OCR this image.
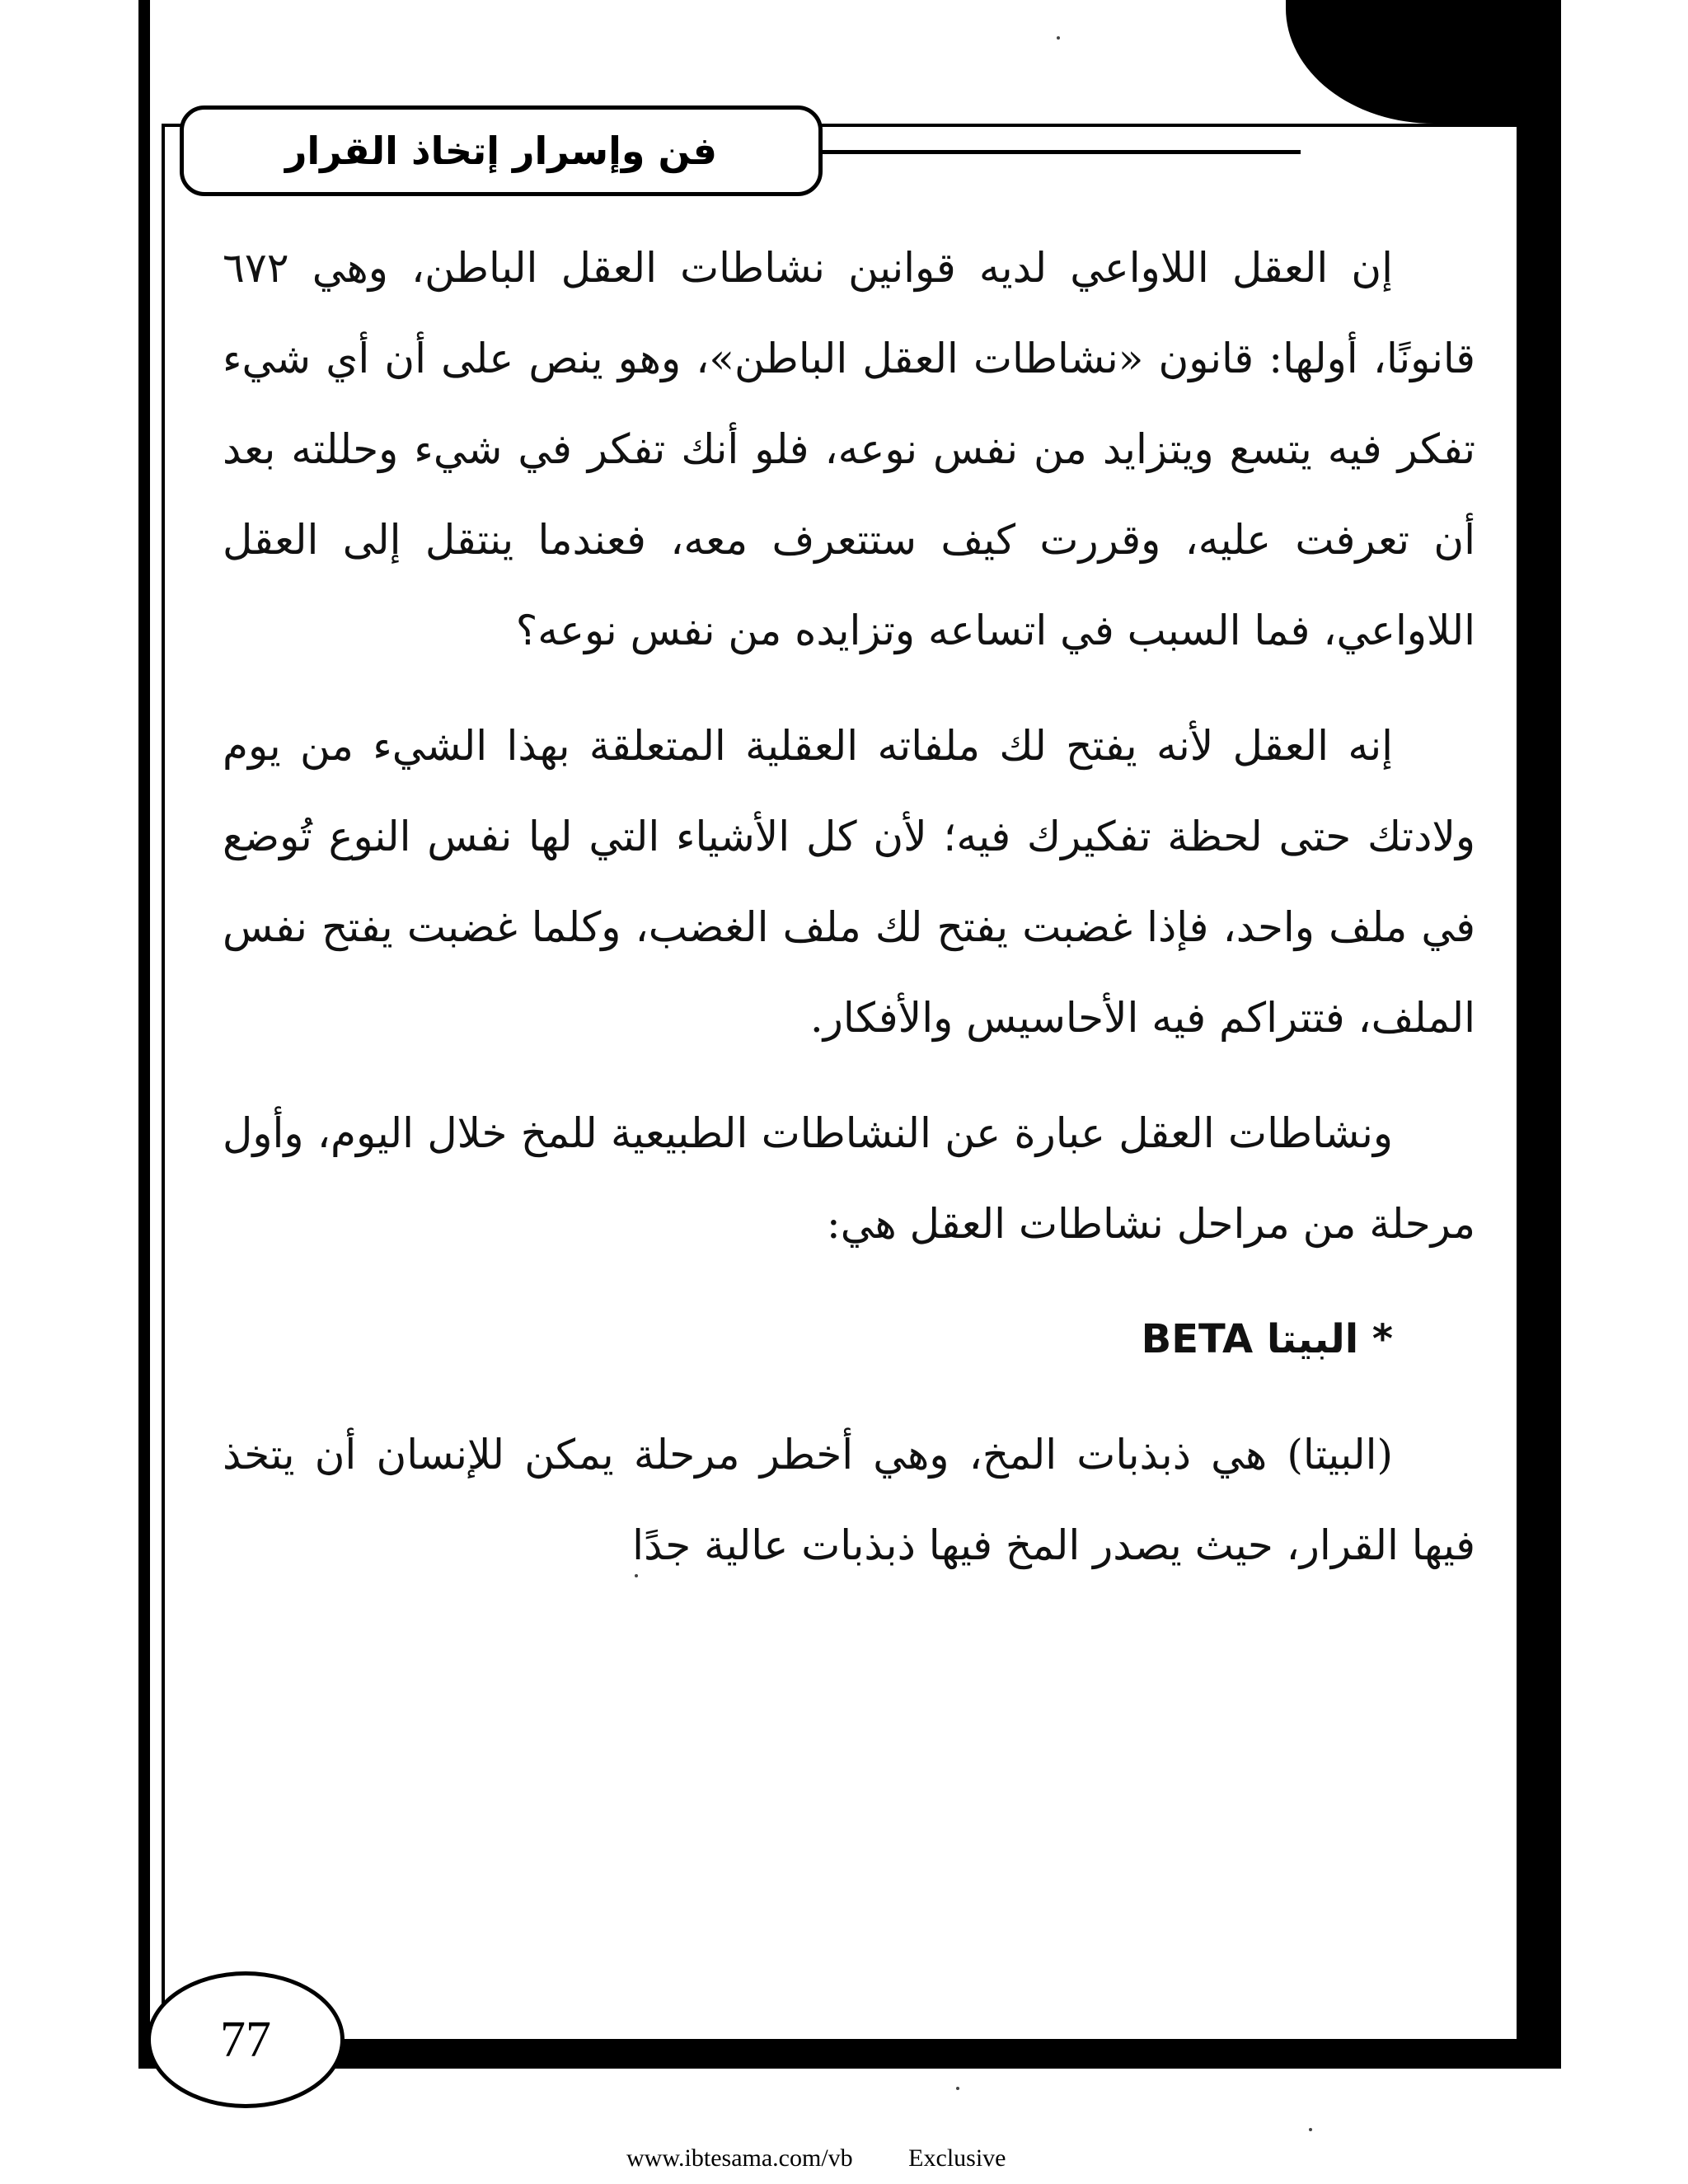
فن وإسرار إتخاذ القرار

إن العقل اللاواعي لديه قوانين نشاطات العقل الباطن، وهي ٦٧٢ قانونًا، أولها: قانون «نشاطات العقل الباطن»، وهو ينص على أن أي شيء تفكر فيه يتسع ويتزايد من نفس نوعه، فلو أنك تفكر في شيء وحللته بعد أن تعرفت عليه، وقررت كيف ستتعرف معه، فعندما ينتقل إلى العقل اللاواعي، فما السبب في اتساعه وتزايده من نفس نوعه؟

إنه العقل لأنه يفتح لك ملفاته العقلية المتعلقة بهذا الشيء من يوم ولادتك حتى لحظة تفكيرك فيه؛ لأن كل الأشياء التي لها نفس النوع تُوضع في ملف واحد، فإذا غضبت يفتح لك ملف الغضب، وكلما غضبت يفتح نفس الملف، فتتراكم فيه الأحاسيس والأفكار.

ونشاطات العقل عبارة عن النشاطات الطبيعية للمخ خلال اليوم، وأول مرحلة من مراحل نشاطات العقل هي:

* البيتا BETA

(البيتا) هي ذبذبات المخ، وهي أخطر مرحلة يمكن للإنسان أن يتخذ فيها القرار، حيث يصدر المخ فيها ذبذبات عالية جدًا

77
www.ibtesama.com/vb Exclusive
